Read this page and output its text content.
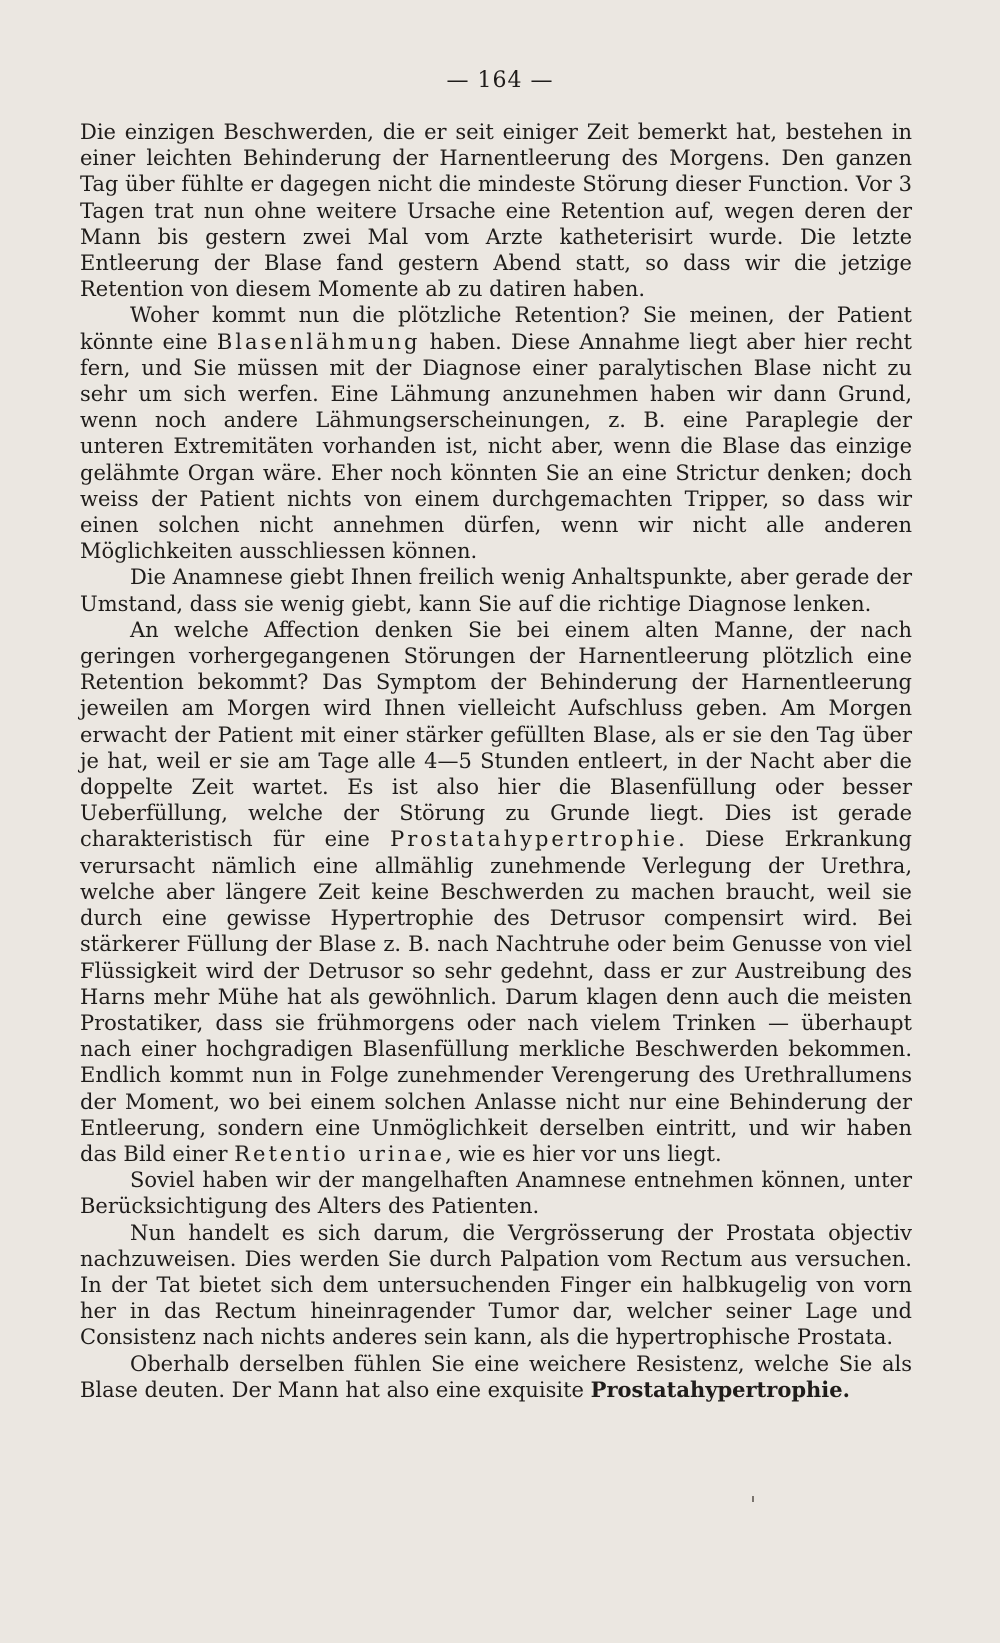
— 164 —

Die einzigen Beschwerden, die er seit einiger Zeit bemerkt hat, bestehen in einer leichten Behinderung der Harnentleerung des Morgens. Den ganzen Tag über fühlte er dagegen nicht die mindeste Störung dieser Function. Vor 3 Tagen trat nun ohne weitere Ursache eine Retention auf, wegen deren der Mann bis gestern zwei Mal vom Arzte katheterisirt wurde. Die letzte Entleerung der Blase fand gestern Abend statt, so dass wir die jetzige Retention von diesem Momente ab zu datiren haben.

Woher kommt nun die plötzliche Retention? Sie meinen, der Patient könnte eine Blasenlähmung haben. Diese Annahme liegt aber hier recht fern, und Sie müssen mit der Diagnose einer paralytischen Blase nicht zu sehr um sich werfen. Eine Lähmung anzunehmen haben wir dann Grund, wenn noch andere Lähmungserscheinungen, z. B. eine Paraplegie der unteren Extremitäten vorhanden ist, nicht aber, wenn die Blase das einzige gelähmte Organ wäre. Eher noch könnten Sie an eine Strictur denken; doch weiss der Patient nichts von einem durchgemachten Tripper, so dass wir einen solchen nicht annehmen dürfen, wenn wir nicht alle anderen Möglichkeiten ausschliessen können.

Die Anamnese giebt Ihnen freilich wenig Anhaltspunkte, aber gerade der Umstand, dass sie wenig giebt, kann Sie auf die richtige Diagnose lenken.

An welche Affection denken Sie bei einem alten Manne, der nach geringen vorhergegangenen Störungen der Harnentleerung plötzlich eine Retention bekommt? Das Symptom der Behinderung der Harnentleerung jeweilen am Morgen wird Ihnen vielleicht Aufschluss geben. Am Morgen erwacht der Patient mit einer stärker gefüllten Blase, als er sie den Tag über je hat, weil er sie am Tage alle 4—5 Stunden entleert, in der Nacht aber die doppelte Zeit wartet. Es ist also hier die Blasenfüllung oder besser Ueberfüllung, welche der Störung zu Grunde liegt. Dies ist gerade charakteristisch für eine Prostatahypertrophie. Diese Erkrankung verursacht nämlich eine allmählig zunehmende Verlegung der Urethra, welche aber längere Zeit keine Beschwerden zu machen braucht, weil sie durch eine gewisse Hypertrophie des Detrusor compensirt wird. Bei stärkerer Füllung der Blase z. B. nach Nachtruhe oder beim Genusse von viel Flüssigkeit wird der Detrusor so sehr gedehnt, dass er zur Austreibung des Harns mehr Mühe hat als gewöhnlich. Darum klagen denn auch die meisten Prostatiker, dass sie frühmorgens oder nach vielem Trinken — überhaupt nach einer hochgradigen Blasenfüllung merkliche Beschwerden bekommen. Endlich kommt nun in Folge zunehmender Verengerung des Urethrallumens der Moment, wo bei einem solchen Anlasse nicht nur eine Behinderung der Entleerung, sondern eine Unmöglichkeit derselben eintritt, und wir haben das Bild einer Retentio urinae, wie es hier vor uns liegt.

Soviel haben wir der mangelhaften Anamnese entnehmen können, unter Berücksichtigung des Alters des Patienten.

Nun handelt es sich darum, die Vergrösserung der Prostata objectiv nachzuweisen. Dies werden Sie durch Palpation vom Rectum aus versuchen. In der Tat bietet sich dem untersuchenden Finger ein halbkugelig von vorn her in das Rectum hineinragender Tumor dar, welcher seiner Lage und Consistenz nach nichts anderes sein kann, als die hypertrophische Prostata.

Oberhalb derselben fühlen Sie eine weichere Resistenz, welche Sie als Blase deuten. Der Mann hat also eine exquisite Prostatahypertrophie.
